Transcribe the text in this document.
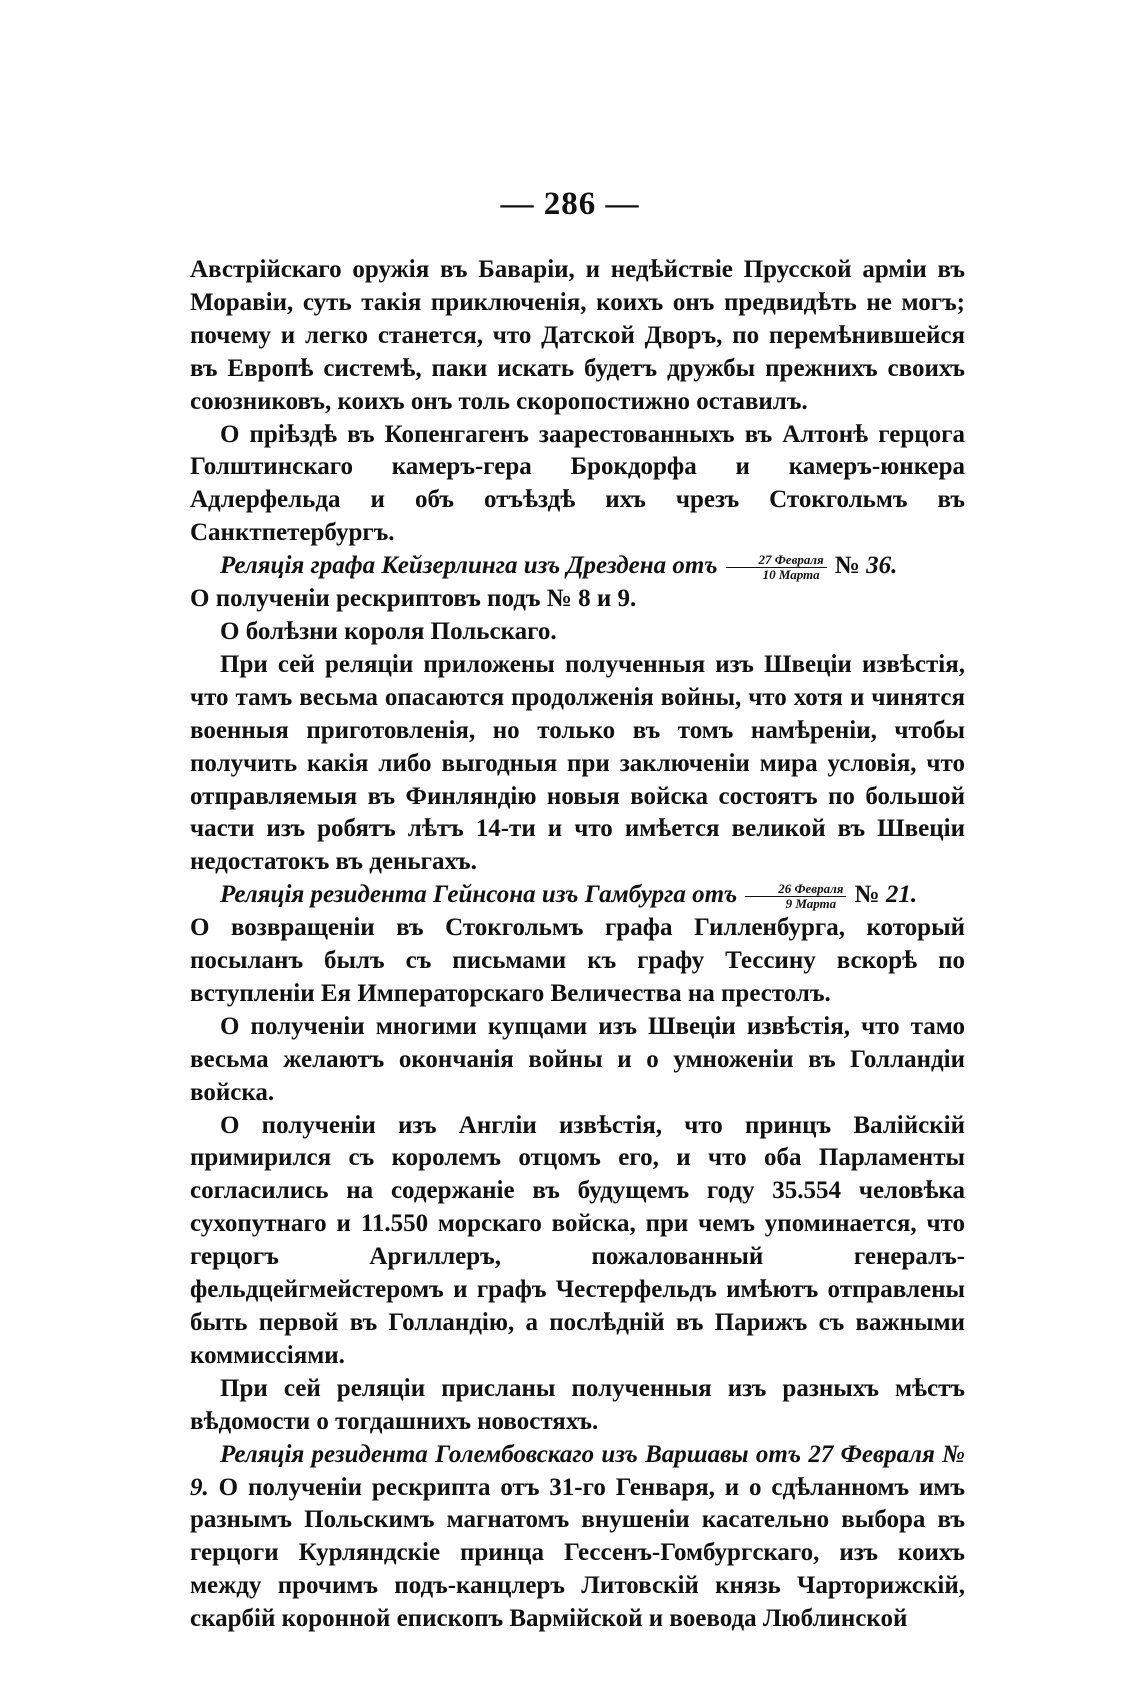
— 286 —

Австрійскаго оружія въ Баваріи, и недѣйствіе Прусской арміи въ Моравіи, суть такія приключенія, коихъ онъ предвидѣть не могъ; почему и легко станется, что Датской Дворъ, по перемѣнившейся въ Европѣ системѣ, паки искать будетъ дружбы прежнихъ своихъ союзниковъ, коихъ онъ толь скоропостижно оставилъ.

О пріѣздѣ въ Копенгагенъ заарестованныхъ въ Алтонѣ герцога Голштинскаго камеръ-гера Брокдорфа и камеръ-юнкера Адлерфельда и объ отъѣздѣ ихъ чрезъ Стокгольмъ въ Санктпетербургъ.

Реляція графа Кейзерлинга изъ Дрездена отъ $\frac{\text{27 Февраля}}{\text{10 Марта}}$ № 36.

О полученіи рескриптовъ подъ № 8 и 9.

О болѣзни короля Польскаго.

При сей реляціи приложены полученныя изъ Швеціи извѣстія, что тамъ весьма опасаются продолженія войны, что хотя и чинятся военныя приготовленія, но только въ томъ намѣреніи, чтобы получить какія либо выгодныя при заключеніи мира условія, что отправляемыя въ Финляндію новыя войска состоятъ по большой части изъ робятъ лѣтъ 14-ти и что имѣется великой въ Швеціи недостатокъ въ деньгахъ.

Реляція резидента Гейнсона изъ Гамбурга отъ $\frac{\text{26 Февраля}}{\text{9 Марта}}$ № 21.

О возвращеніи въ Стокгольмъ графа Гилленбурга, который посыланъ былъ съ письмами къ графу Тессину вскорѣ по вступленіи Ея Императорскаго Величества на престолъ.

О полученіи многими купцами изъ Швеціи извѣстія, что тамо весьма желаютъ окончанія войны и о умноженіи въ Голландіи войска.

О полученіи изъ Англіи извѣстія, что принцъ Валійскій примирился съ королемъ отцомъ его, и что оба Парламенты согласились на содержаніе въ будущемъ году 35.554 человѣка сухопутнаго и 11.550 морскаго войска, при чемъ упоминается, что герцогъ Аргиллеръ, пожалованный генералъ-фельдцейгмейстеромъ и графъ Честерфельдъ имѣютъ отправлены быть первой въ Голландію, а послѣдній въ Парижъ съ важными коммиссіями.

При сей реляціи присланы полученныя изъ разныхъ мѣстъ вѣдомости о тогдашнихъ новостяхъ.

Реляція резидента Голембовскаго изъ Варшавы отъ 27 Февраля № 9. О полученіи рескрипта отъ 31-го Генваря, и о сдѣланномъ имъ разнымъ Польскимъ магнатомъ внушеніи касательно выбора въ герцоги Курляндскіе принца Гессенъ-Гомбургскаго, изъ коихъ между прочимъ подъ-канцлеръ Литовскій князь Чарторижскій, скарбій коронной епископъ Вармійской и воевода Люблинской
